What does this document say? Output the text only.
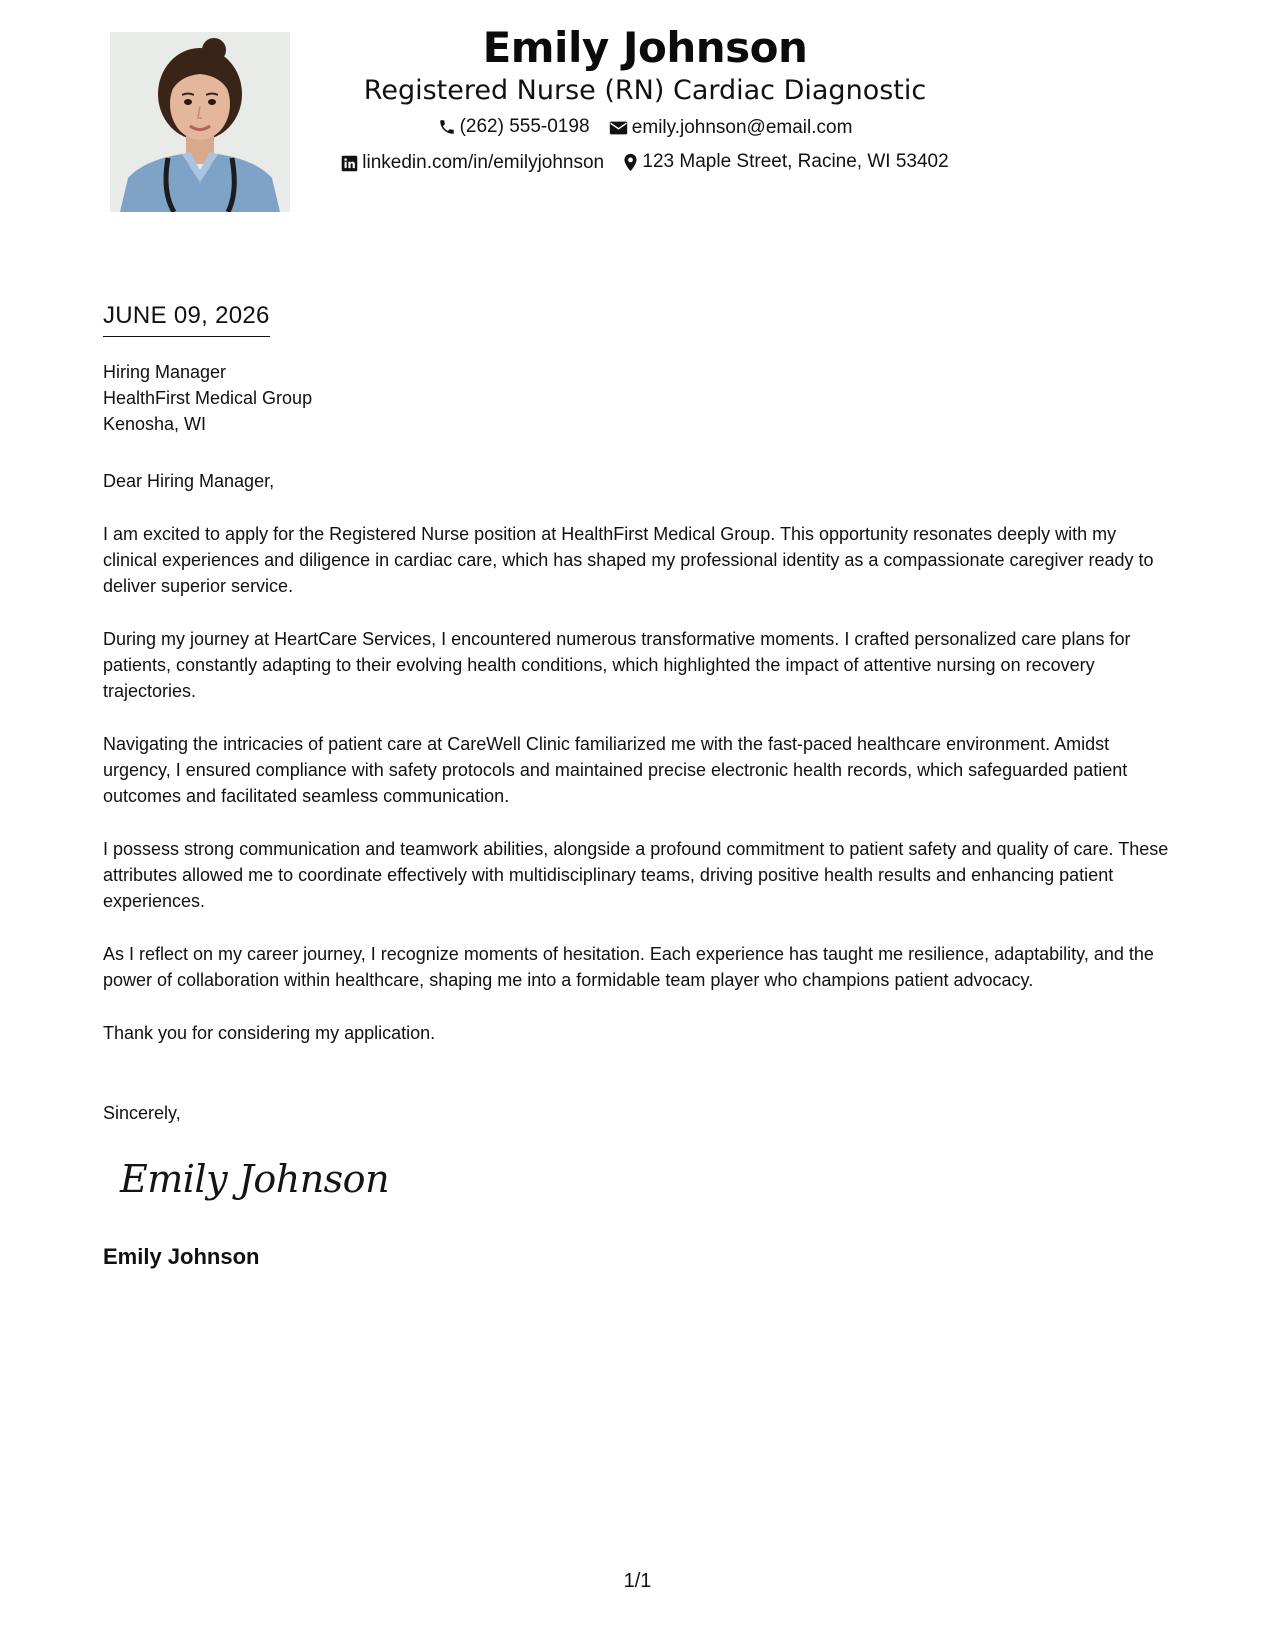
Emily Johnson
Registered Nurse (RN) Cardiac Diagnostic
(262) 555-0198
emily.johnson@email.com
linkedin.com/in/emilyjohnson
123 Maple Street, Racine, WI 53402
JUNE 09, 2026
Hiring Manager
HealthFirst Medical Group
Kenosha, WI

Dear Hiring Manager,

I am excited to apply for the Registered Nurse position at HealthFirst Medical Group. This opportunity resonates deeply with my clinical experiences and diligence in cardiac care, which has shaped my professional identity as a compassionate caregiver ready to deliver superior service.

During my journey at HeartCare Services, I encountered numerous transformative moments. I crafted personalized care plans for patients, constantly adapting to their evolving health conditions, which highlighted the impact of attentive nursing on recovery trajectories.

Navigating the intricacies of patient care at CareWell Clinic familiarized me with the fast-paced healthcare environment. Amidst urgency, I ensured compliance with safety protocols and maintained precise electronic health records, which safeguarded patient outcomes and facilitated seamless communication.

I possess strong communication and teamwork abilities, alongside a profound commitment to patient safety and quality of care. These attributes allowed me to coordinate effectively with multidisciplinary teams, driving positive health results and enhancing patient experiences.

As I reflect on my career journey, I recognize moments of hesitation. Each experience has taught me resilience, adaptability, and the power of collaboration within healthcare, shaping me into a formidable team player who champions patient advocacy.

Thank you for considering my application.

Sincerely,
Emily Johnson
Emily Johnson
1/1
